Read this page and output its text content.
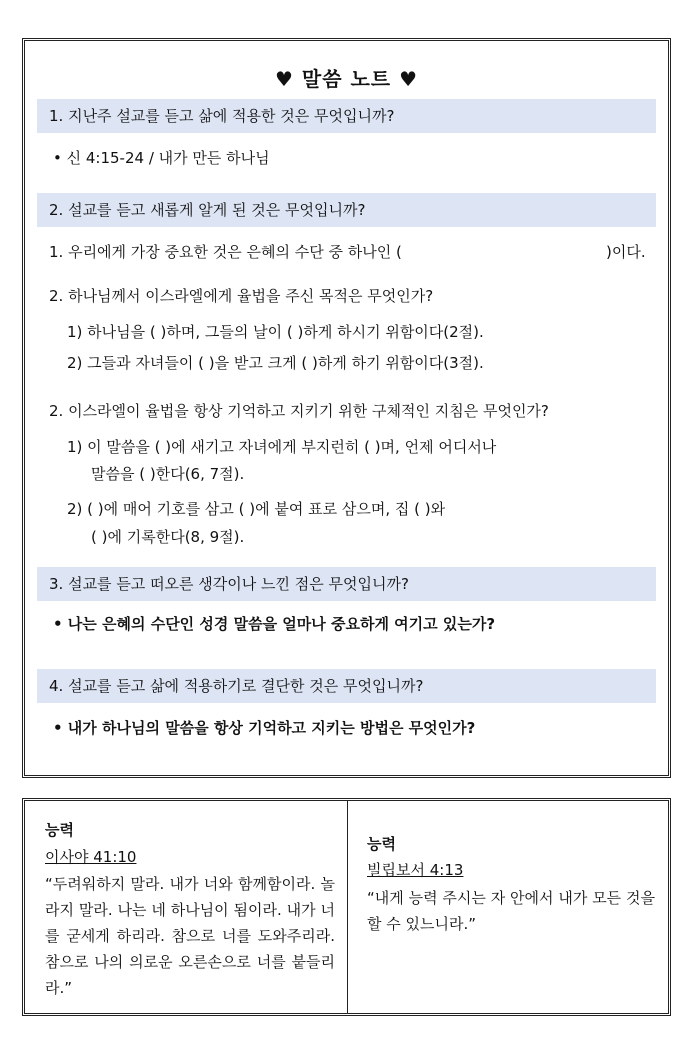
♥ 말씀 노트 ♥
1. 지난주 설교를 듣고 삶에 적용한 것은 무엇입니까?
• 신 4:15-24 / 내가 만든 하나님
2. 설교를 듣고 새롭게 알게 된 것은 무엇입니까?
1. 우리에게 가장 중요한 것은 은혜의 수단 중 하나인 (	)이다.
2. 하나님께서 이스라엘에게 율법을 주신 목적은 무엇인가?
1) 하나님을 ( )하며, 그들의 날이 ( )하게 하시기 위함이다(2절).
2) 그들과 자녀들이 ( )을 받고 크게 ( )하게 하기 위함이다(3절).
2. 이스라엘이 율법을 항상 기억하고 지키기 위한 구체적인 지침은 무엇인가?
1) 이 말씀을 ( )에 새기고 자녀에게 부지런히 ( )며, 언제 어디서나
말씀을 ( )한다(6, 7절).
2) ( )에 매어 기호를 삼고 ( )에 붙여 표로 삼으며, 집 ( )와
( )에 기록한다(8, 9절).
3. 설교를 듣고 떠오른 생각이나 느낀 점은 무엇입니까?
• 나는 은혜의 수단인 성경 말씀을 얼마나 중요하게 여기고 있는가?
4. 설교를 듣고 삶에 적용하기로 결단한 것은 무엇입니까?
• 내가 하나님의 말씀을 항상 기억하고 지키는 방법은 무엇인가?
능력
이사야 41:10
“두려워하지 말라. 내가 너와 함께함이라. 놀라지 말라. 나는 네 하나님이 됨이라. 내가 너를 굳세게 하리라. 참으로 너를 도와주리라. 참으로 나의 의로운 오른손으로 너를 붙들리라.”
능력
빌립보서 4:13
“내게 능력 주시는 자 안에서 내가 모든 것을 할 수 있느니라.”
